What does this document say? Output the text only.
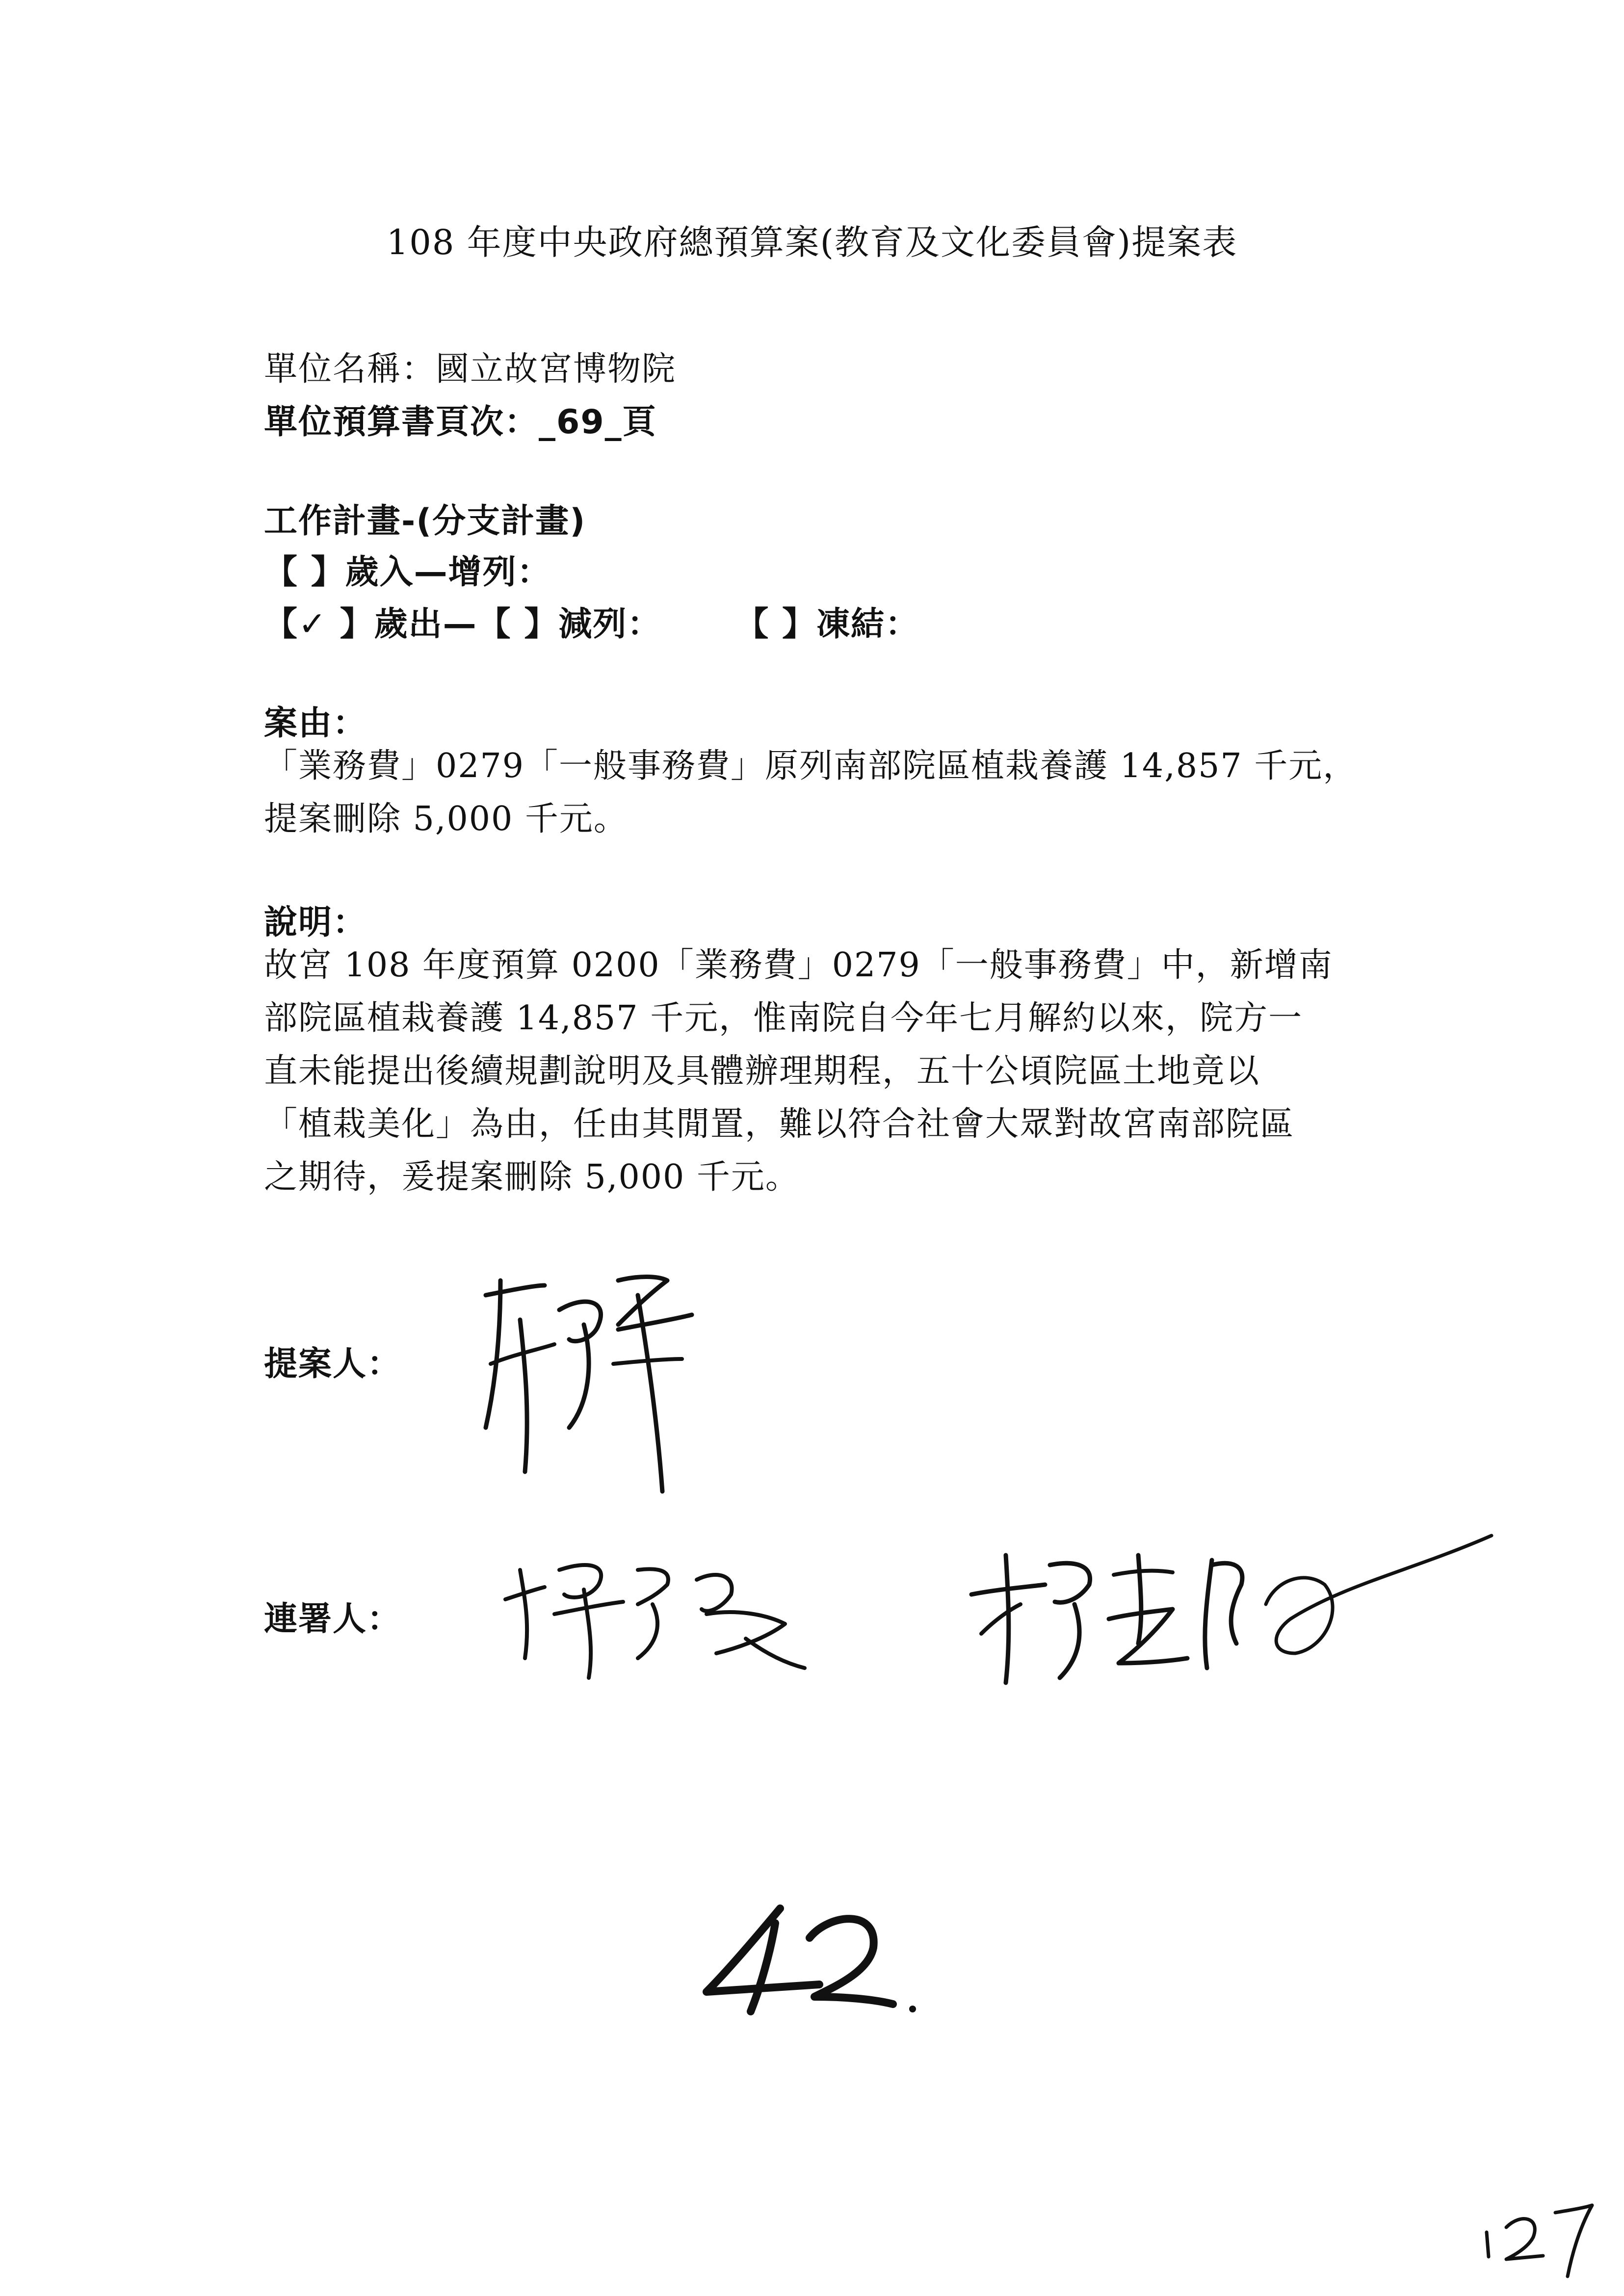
108 年度中央政府總預算案(教育及文化委員會)提案表
單位名稱：國立故宮博物院
單位預算書頁次：_69_頁
工作計畫-(分支計畫)
【 】歲入—增列：
【✓ 】歲出—【 】減列： 【 】凍結：
案由：
「業務費」0279「一般事務費」原列南部院區植栽養護 14,857 千元，
提案刪除 5,000 千元。
說明：
故宮 108 年度預算 0200「業務費」0279「一般事務費」中，新增南
部院區植栽養護 14,857 千元，惟南院自今年七月解約以來，院方一
直未能提出後續規劃說明及具體辦理期程，五十公頃院區土地竟以
「植栽美化」為由，任由其閒置，難以符合社會大眾對故宮南部院區
之期待，爰提案刪除 5,000 千元。
提案人：
連署人：
